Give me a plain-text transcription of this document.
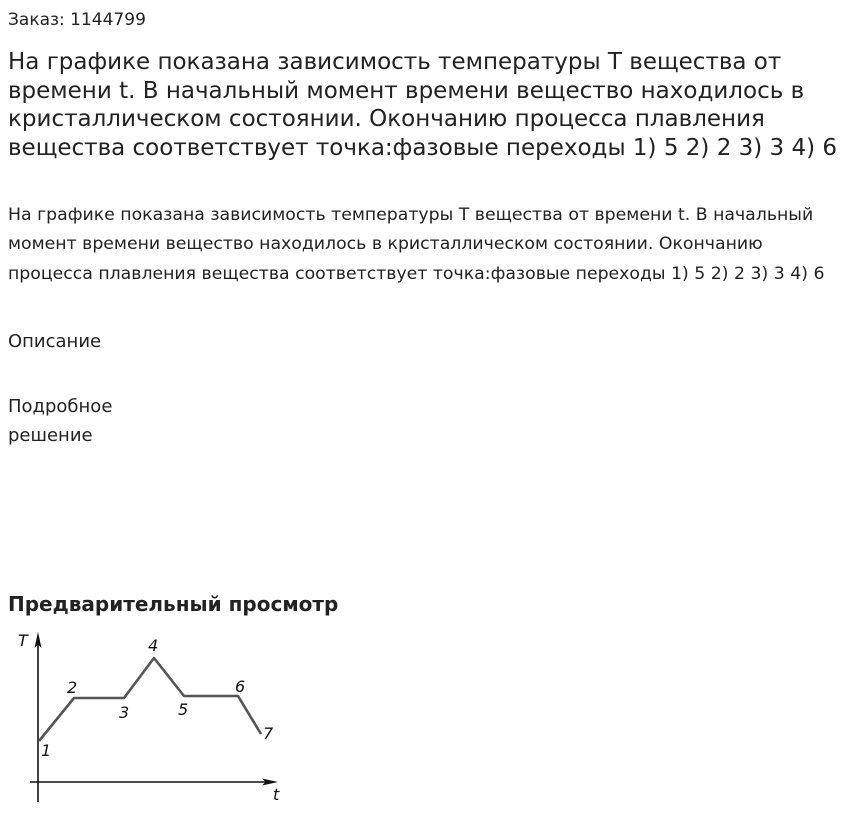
Заказ: 1144799
На графике показана зависимость температуры T вещества от времени t. В начальный момент времени вещество находилось в кристаллическом состоянии. Окончанию процесса плавления вещества соответствует точка:фазовые переходы 1) 5 2) 2 3) 3 4) 6

На графике показана зависимость температуры T вещества от времени t. В начальный момент времени вещество находилось в кристаллическом состоянии. Окончанию процесса плавления вещества соответствует точка:фазовые переходы 1) 5 2) 2 3) 3 4) 6

Описание
Подробное решение
Предварительный просмотр
T
t
1
2
3
4
5
6
7
